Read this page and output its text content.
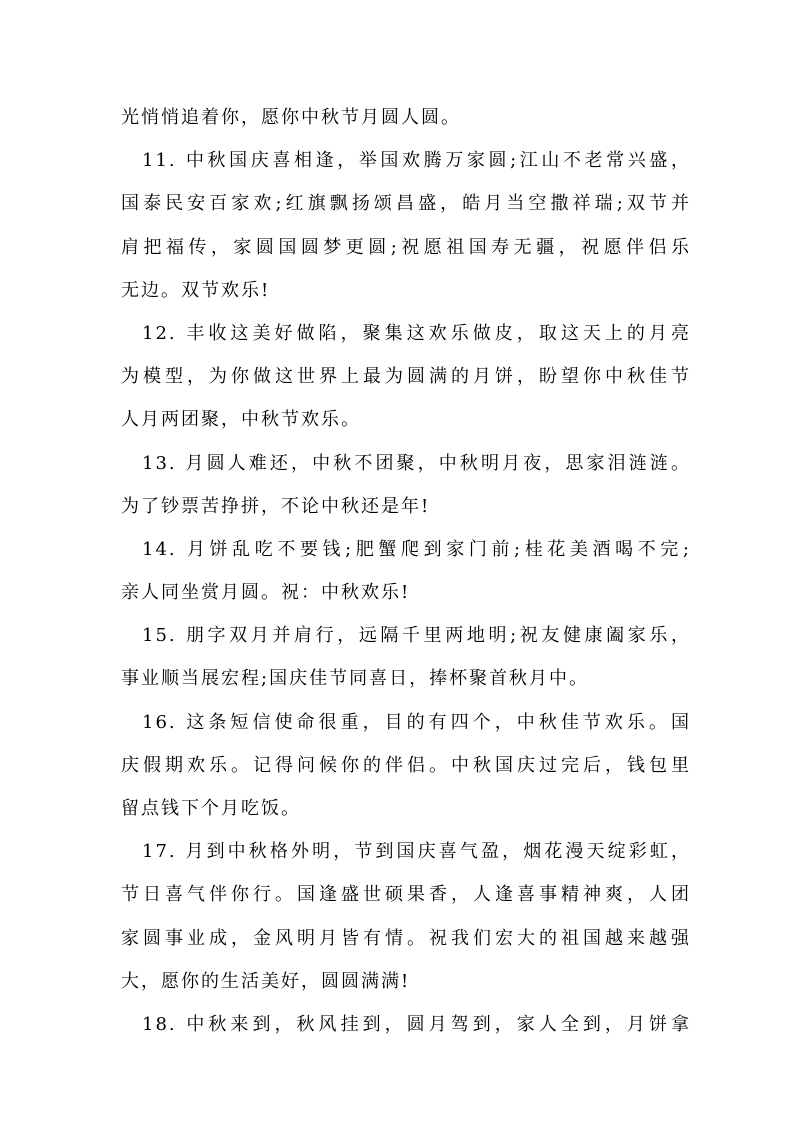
光悄悄追着你，愿你中秋节月圆人圆。
11. 中秋国庆喜相逢，举国欢腾万家圆;江山不老常兴盛，
国泰民安百家欢;红旗飘扬颂昌盛，皓月当空撒祥瑞;双节并
肩把福传，家圆国圆梦更圆;祝愿祖国寿无疆，祝愿伴侣乐
无边。双节欢乐!
12. 丰收这美好做陷，聚集这欢乐做皮，取这天上的月亮
为模型，为你做这世界上最为圆满的月饼，盼望你中秋佳节
人月两团聚，中秋节欢乐。
13. 月圆人难还，中秋不团聚，中秋明月夜，思家泪涟涟。
为了钞票苦挣拼，不论中秋还是年!
14. 月饼乱吃不要钱;肥蟹爬到家门前;桂花美酒喝不完;
亲人同坐赏月圆。祝：中秋欢乐!
15. 朋字双月并肩行，远隔千里两地明;祝友健康阖家乐，
事业顺当展宏程;国庆佳节同喜日，捧杯聚首秋月中。
16. 这条短信使命很重，目的有四个，中秋佳节欢乐。国
庆假期欢乐。记得问候你的伴侣。中秋国庆过完后，钱包里
留点钱下个月吃饭。
17. 月到中秋格外明，节到国庆喜气盈，烟花漫天绽彩虹，
节日喜气伴你行。国逢盛世硕果香，人逢喜事精神爽，人团
家圆事业成，金风明月皆有情。祝我们宏大的祖国越来越强
大，愿你的生活美好，圆圆满满!
18. 中秋来到，秋风挂到，圆月驾到，家人全到，月饼拿
